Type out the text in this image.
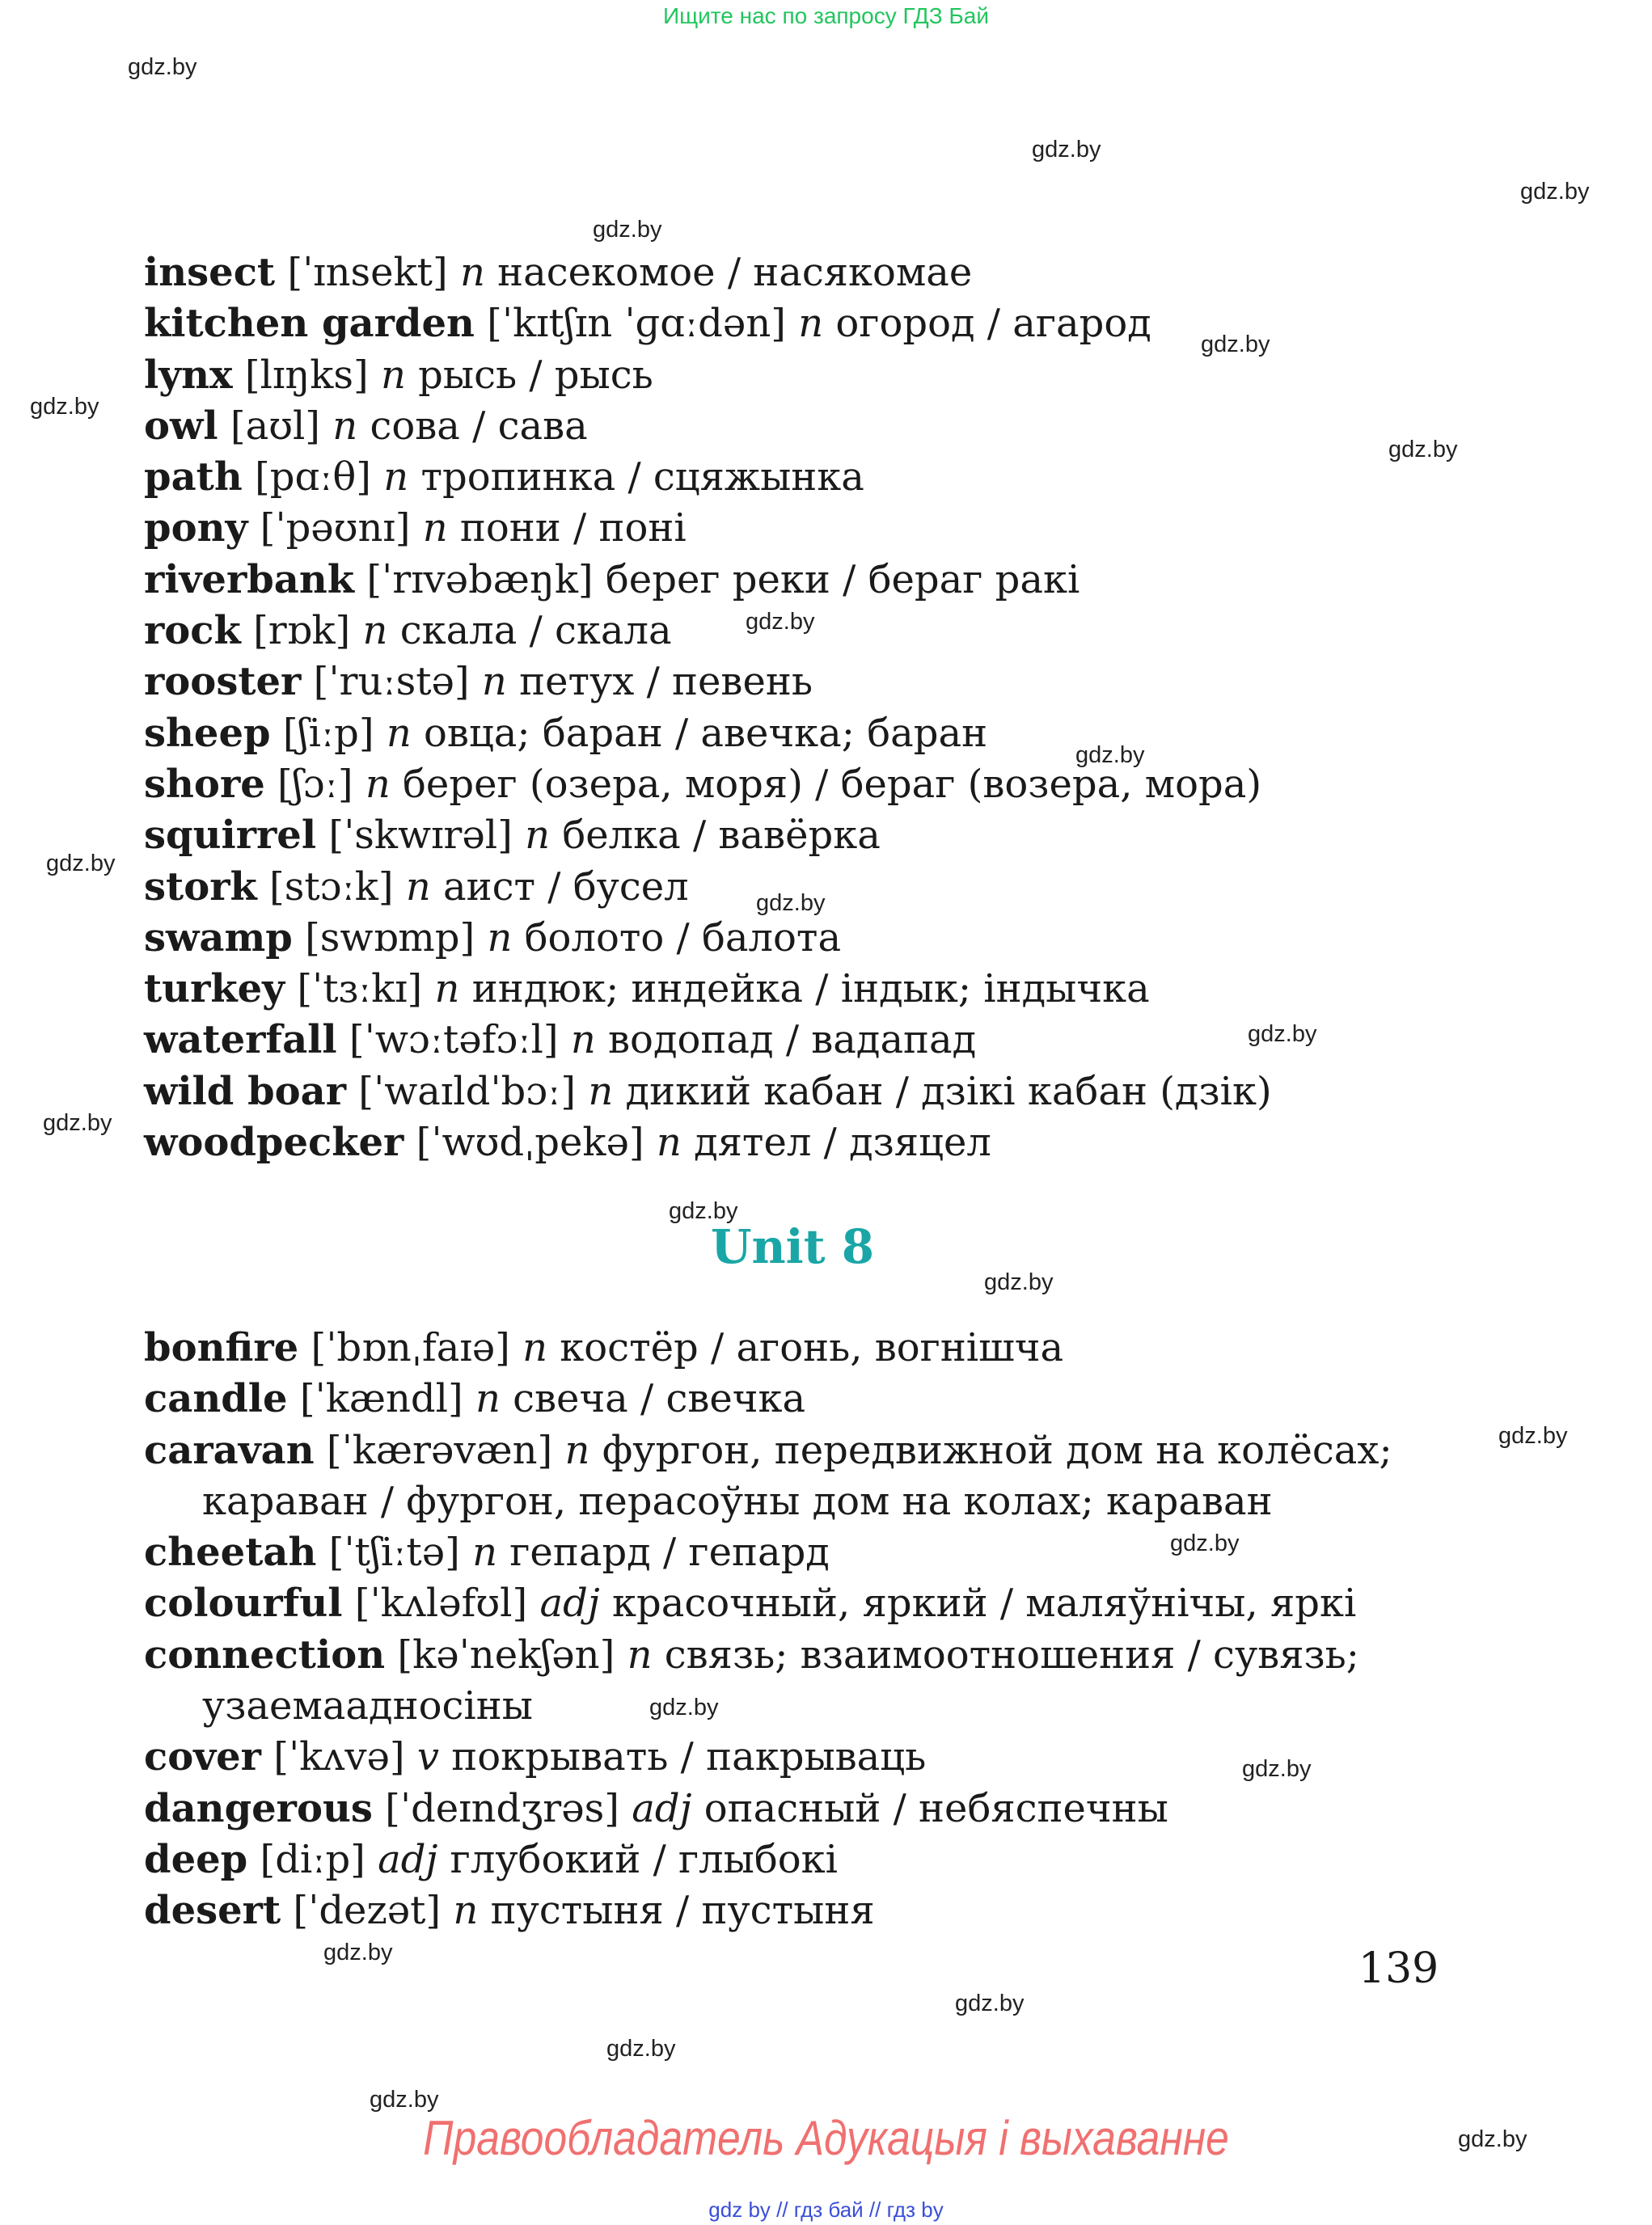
Ищите нас по запросу ГДЗ Бай
gdz.by
gdz.by
gdz.by
gdz.by
gdz.by
gdz.by
gdz.by
gdz.by
gdz.by
gdz.by
gdz.by
gdz.by
gdz.by
gdz.by
gdz.by
gdz.by
gdz.by
gdz.by
gdz.by
gdz.by
gdz.by
gdz.by
gdz.by
gdz.by

insect [ˈɪnsekt] n насекомое / насякомае

kitchen garden [ˈkɪtʃɪn ˈɡɑːdən] n огород / агарод

lynx [lɪŋks] n рысь / рысь

owl [aʊl] n сова / сава

path [pɑːθ] n тропинка / сцяжынка

pony [ˈpəʊnɪ] n пони / поні

riverbank [ˈrɪvəbæŋk] берег реки / бераг ракі

rock [rɒk] n скала / скала

rooster [ˈruːstə] n петух / певень

sheep [ʃiːp] n овца; баран / авечка; баран

shore [ʃɔː] n берег (озера, моря) / бераг (возера, мора)

squirrel [ˈskwɪrəl] n белка / вавёрка

stork [stɔːk] n аист / бусел

swamp [swɒmp] n болото / балота

turkey [ˈtɜːkɪ] n индюк; индейка / індык; індычка

waterfall [ˈwɔːtəfɔːl] n водопад / вадапад

wild boar [ˈwaɪldˈbɔː] n дикий кабан / дзікі кабан (дзік)

woodpecker [ˈwʊdˌpekə] n дятел / дзяцел

Unit 8

bonfire [ˈbɒnˌfaɪə] n костёр / агонь, вогнішча

candle [ˈkændl] n свеча / свечка

caravan [ˈkærəvæn] n фургон, передвижной дом на колёсах;
караван / фургон, перасоўны дом на колах; караван

cheetah [ˈtʃiːtə] n гепард / гепард

colourful [ˈkʌləfʊl] adj красочный, яркий / маляўнічы, яркі

connection [kəˈnekʃən] n связь; взаимоотношения / сувязь;
узаемаадносіны

cover [ˈkʌvə] v покрывать / пакрываць

dangerous [ˈdeɪndʒrəs] adj опасный / небяспечны

deep [diːp] adj глубокий / глыбокі

desert [ˈdezət] n пустыня / пустыня

139
Правообладатель Адукацыя і выхаванне
gdz by // гдз бай // гдз by
